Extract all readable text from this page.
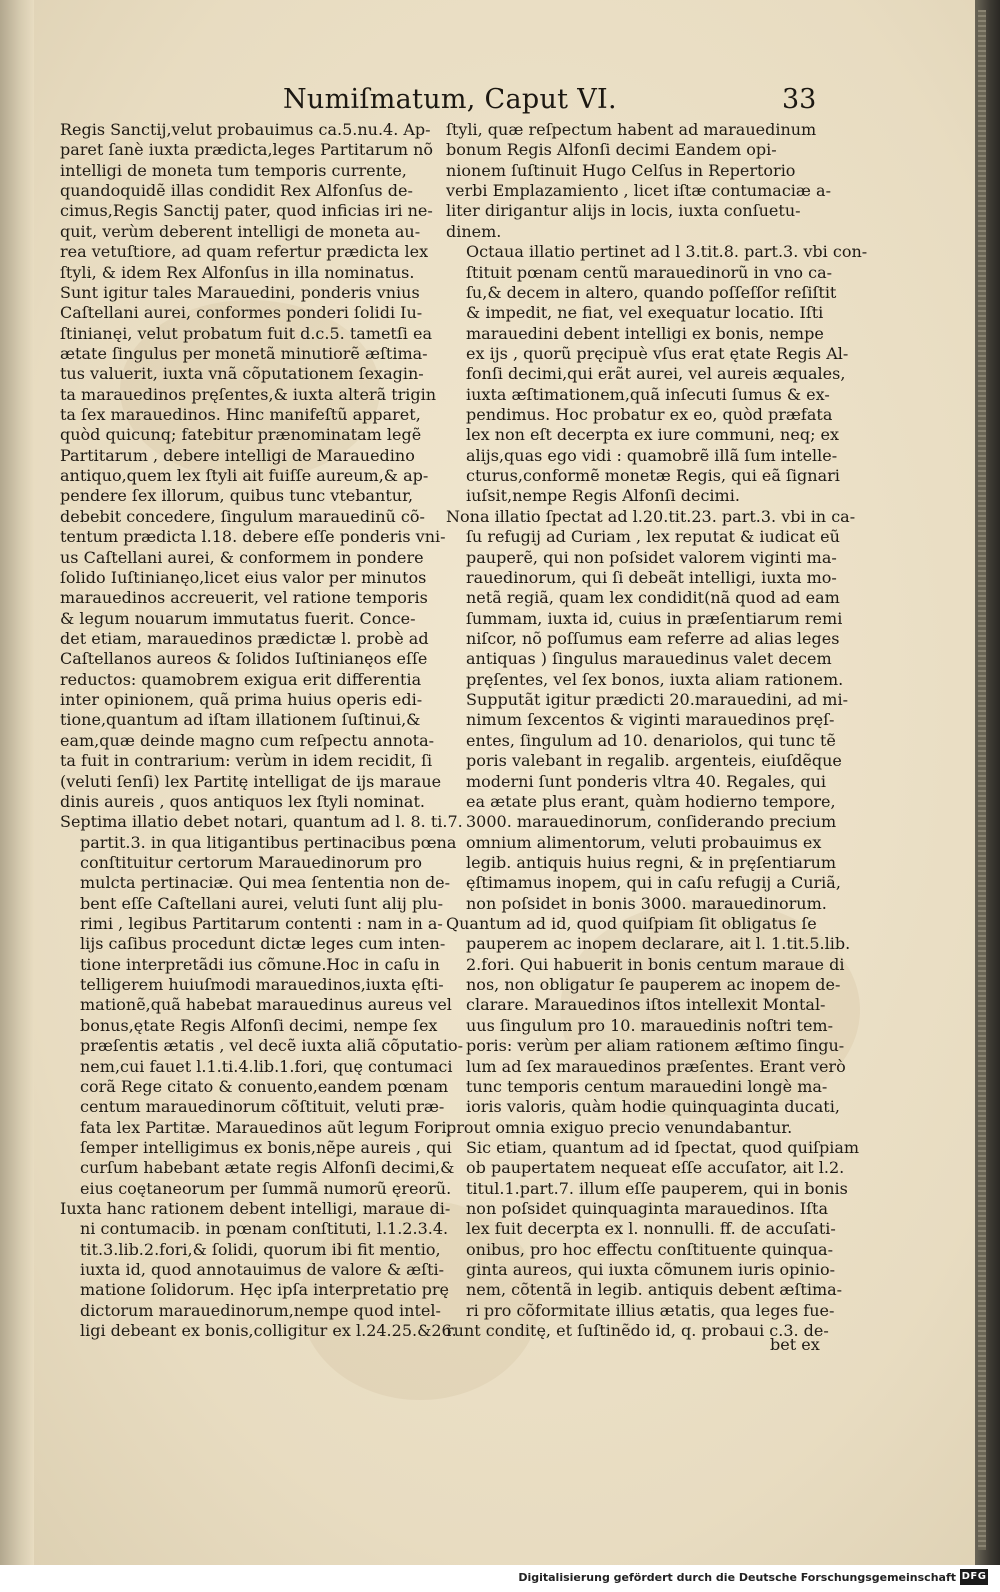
Numiſmatum, Caput VI.	33
Regis Sanctij,velut probauimus ca.5.nu.4. Ap-
paret ſanè iuxta prædicta,leges Partitarum nõ
intelligi de moneta tum temporis currente,
quandoquidẽ illas condidit Rex Alfonſus de-
cimus,Regis Sanctij pater, quod inficias iri ne-
quit, verùm deberent intelligi de moneta au-
rea vetuſtiore, ad quam refertur prædicta lex
ſtyli, & idem Rex Alfonſus in illa nominatus.
Sunt igitur tales Marauedini, ponderis vnius
Caſtellani aurei, conformes ponderi ſolidi Iu-
ſtinianęi, velut probatum fuit d.c.5. tametſi ea
ætate ſingulus per monetã minutiorẽ æſtima-
tus valuerit, iuxta vnã cõputationem ſexagin-
ta marauedinos pręſentes,& iuxta alterã trigin
ta ſex marauedinos. Hinc manifeſtũ apparet,
quòd quicunq; fatebitur prænominatam legẽ
Partitarum , debere intelligi de Marauedino
antiquo,quem lex ſtyli ait fuiſſe aureum,& ap-
pendere ſex illorum, quibus tunc vtebantur,
debebit concedere, ſingulum marauedinũ cõ-
tentum prædicta l.18. debere eſſe ponderis vni-
us Caſtellani aurei, & conformem in pondere
ſolido Iuſtinianęo,licet eius valor per minutos
marauedinos accreuerit, vel ratione temporis
& legum nouarum immutatus fuerit. Conce-
det etiam, marauedinos prædictæ l. probè ad
Caſtellanos aureos & ſolidos Iuſtinianęos eſſe
reductos: quamobrem exigua erit differentia
inter opinionem, quã prima huius operis edi-
tione,quantum ad iſtam illationem ſuſtinui,&
eam,quæ deinde magno cum reſpectu annota-
ta fuit in contrarium: verùm in idem recidit, ſi
(veluti ſenſi) lex Partitę intelligat de ijs maraue
dinis aureis , quos antiquos lex ſtyli nominat.
Septima illatio debet notari, quantum ad l. 8. ti.7.
partit.3. in qua litigantibus pertinacibus pœna
conſtituitur certorum Marauedinorum pro
mulcta pertinaciæ. Qui mea ſententia non de-
bent eſſe Caſtellani aurei, veluti ſunt alij plu-
rimi , legibus Partitarum contenti : nam in a-
lijs caſibus procedunt dictæ leges cum inten-
tione interpretãdi ius cõmune.Hoc in caſu in
telligerem huiuſmodi marauedinos,iuxta ęſti-
mationẽ,quã habebat marauedinus aureus vel
bonus,ętate Regis Alfonſi decimi, nempe ſex
præſentis ætatis , vel decẽ iuxta aliã cõputatio-
nem,cui fauet l.1.ti.4.lib.1.fori, quę contumaci
corã Rege citato & conuento,eandem pœnam
centum marauedinorum cõſtituit, veluti præ-
fata lex Partitæ. Marauedinos aũt legum Fori,
ſemper intelligimus ex bonis,nẽpe aureis , qui
curſum habebant ætate regis Alfonſi decimi,&
eius coętaneorum per ſummã numorũ ęreorũ.
Iuxta hanc rationem debent intelligi, maraue di-
ni contumacib. in pœnam conſtituti, l.1.2.3.4.
tit.3.lib.2.fori,& ſolidi, quorum ibi fit mentio,
iuxta id, quod annotauimus de valore & æſti-
matione ſolidorum. Hęc ipſa interpretatio prę
dictorum marauedinorum,nempe quod intel-
ligi debeant ex bonis,colligitur ex l.24.25.&26.
ſtyli, quæ reſpectum habent ad marauedinum
bonum Regis Alfonſi decimi Eandem opi-
nionem ſuſtinuit Hugo Celſus in Repertorio
verbi Emplazamiento , licet iſtæ contumaciæ a-
liter dirigantur alijs in locis, iuxta conſuetu-
dinem.
Octaua illatio pertinet ad l 3.tit.8. part.3. vbi con-
ſtituit pœnam centũ marauedinorũ in vno ca-
ſu,& decem in altero, quando poſſeſſor reſiſtit
& impedit, ne fiat, vel exequatur locatio. Iſti
marauedini debent intelligi ex bonis, nempe
ex ijs , quorũ pręcipuè vſus erat ętate Regis Al-
fonſi decimi,qui erãt aurei, vel aureis æquales,
iuxta æſtimationem,quã inſecuti ſumus & ex-
pendimus. Hoc probatur ex eo, quòd præfata
lex non eſt decerpta ex iure communi, neq; ex
alijs,quas ego vidi : quamobrẽ illã ſum intelle-
cturus,conformẽ monetæ Regis, qui eã ſignari
iuſsit,nempe Regis Alfonſi decimi.
Nona illatio ſpectat ad l.20.tit.23. part.3. vbi in ca-
ſu refugij ad Curiam , lex reputat & iudicat eũ
pauperẽ, qui non poſsidet valorem viginti ma-
rauedinorum, qui ſi debeãt intelligi, iuxta mo-
netã regiã, quam lex condidit(nã quod ad eam
ſummam, iuxta id, cuius in præſentiarum remi
niſcor, nõ poſſumus eam referre ad alias leges
antiquas ) ſingulus marauedinus valet decem
pręſentes, vel ſex bonos, iuxta aliam rationem.
Supputãt igitur prædicti 20.marauedini, ad mi-
nimum ſexcentos & viginti marauedinos pręſ-
entes, ſingulum ad 10. denariolos, qui tunc tẽ
poris valebant in regalib. argenteis, eiuſdẽque
moderni ſunt ponderis vltra 40. Regales, qui
ea ætate plus erant, quàm hodierno tempore,
3000. marauedinorum, conſiderando precium
omnium alimentorum, veluti probauimus ex
legib. antiquis huius regni, & in pręſentiarum
ęſtimamus inopem, qui in caſu refugij a Curiã,
non poſsidet in bonis 3000. marauedinorum.
Quantum ad id, quod quiſpiam ſit obligatus ſe
pauperem ac inopem declarare, ait l. 1.tit.5.lib.
2.fori. Qui habuerit in bonis centum maraue di
nos, non obligatur ſe pauperem ac inopem de-
clarare. Marauedinos iſtos intellexit Montal-
uus ſingulum pro 10. marauedinis noſtri tem-
poris: verùm per aliam rationem æſtimo ſingu-
lum ad ſex marauedinos præſentes. Erant verò
tunc temporis centum marauedini longè ma-
ioris valoris, quàm hodie quinquaginta ducati,
prout omnia exiguo precio venundabantur.
Sic etiam, quantum ad id ſpectat, quod quiſpiam
ob paupertatem nequeat eſſe accuſator, ait l.2.
titul.1.part.7. illum eſſe pauperem, qui in bonis
non poſsidet quinquaginta marauedinos. Iſta
lex fuit decerpta ex l. nonnulli. ff. de accuſati-
onibus, pro hoc effectu conſtituente quinqua-
ginta aureos, qui iuxta cõmunem iuris opinio-
nem, cõtentã in legib. antiquis debent æſtima-
ri pro cõformitate illius ætatis, qua leges fue-
runt conditę, et ſuſtinẽdo id, q. probaui c.3. de-
bet ex
Digitalisierung gefördert durch die Deutsche Forschungsgemeinschaft DFG
